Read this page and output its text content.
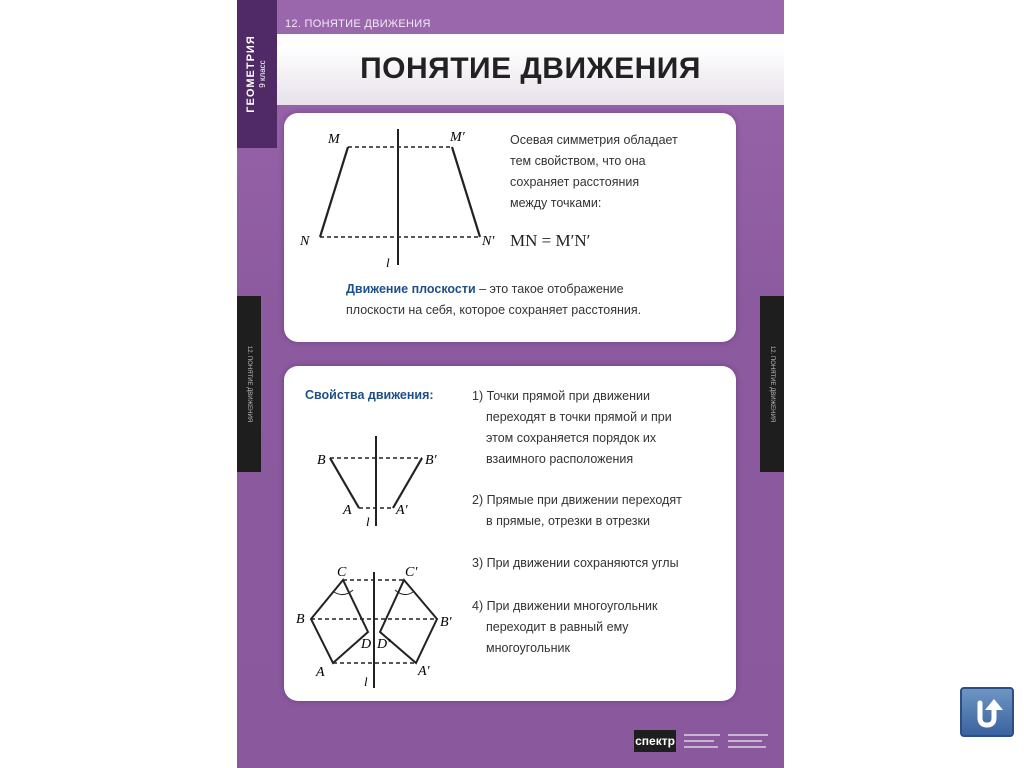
12. ПОНЯТИЕ ДВИЖЕНИЯ
ГЕОМЕТРИЯ 9 класс	ПОНЯТИЕ ДВИЖЕНИЯ
M	M′
N	N′
l
Осевая симметрия обладает
тем свойством, что она
сохраняет расстояния
между точками:
MN = M′N′
Движение плоскости – это такое отображение
плоскости на себя, которое сохраняет расстояния.
Свойства движения:
B	B′
A	A′
l
C	C′
B	B′
D D′
A	A′
l
1) Точки прямой при движении
переходят в точки прямой и при
этом сохраняется порядок их
взаимного расположения
2) Прямые при движении переходят
в прямые, отрезки в отрезки
3) При движении сохраняются углы
4) При движении многоугольник
переходит в равный ему
многоугольник
спектр
12. ПОНЯТИЕ ДВИЖЕНИЯ	12. ПОНЯТИЕ ДВИЖЕНИЯ
